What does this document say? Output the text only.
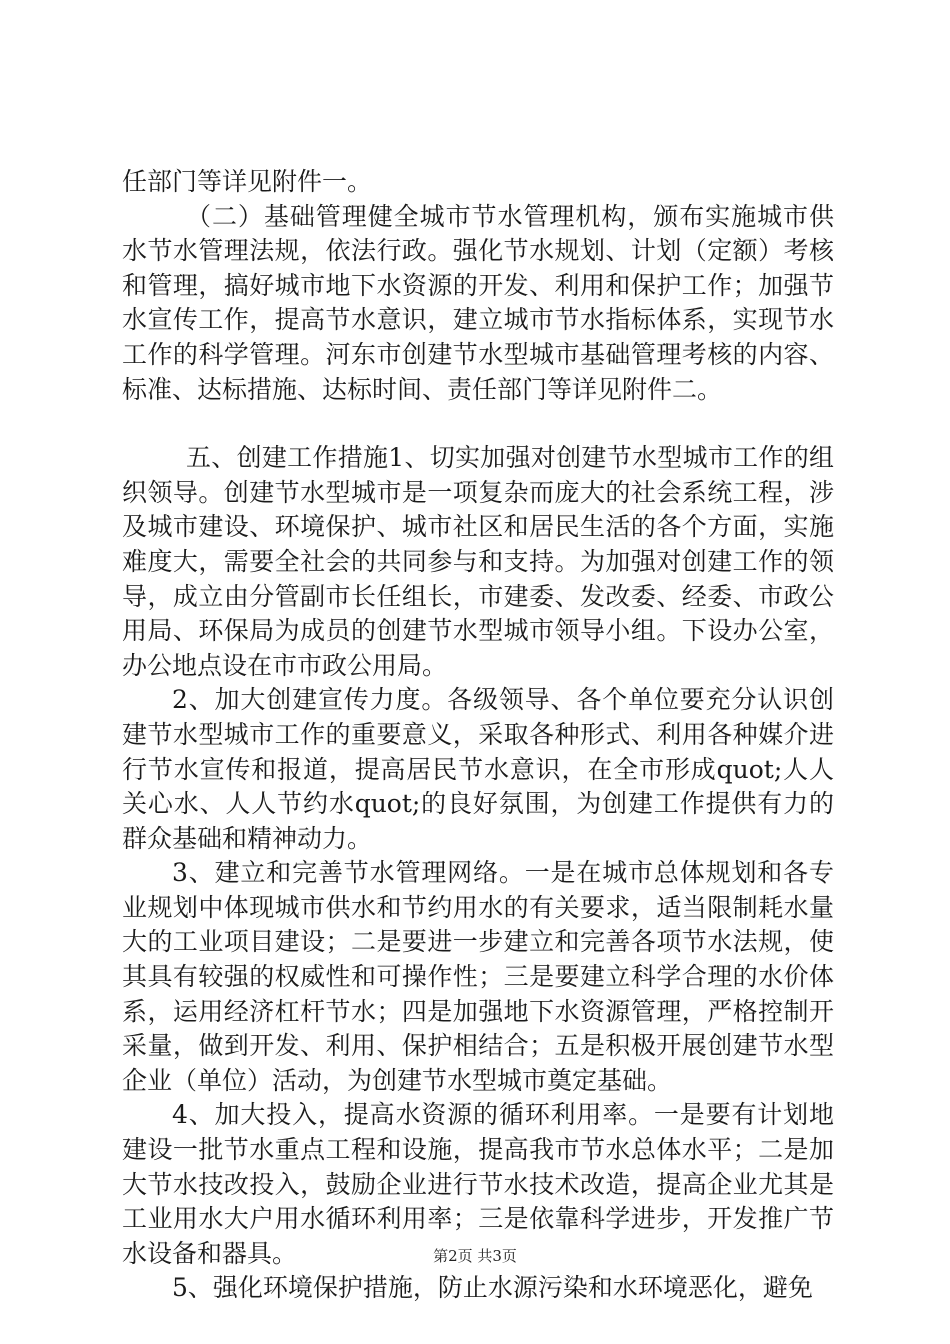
任部门等详见附件一。

（二）基础管理健全城市节水管理机构，颁布实施城市供水节水管理法规，依法行政。强化节水规划、计划（定额）考核和管理，搞好城市地下水资源的开发、利用和保护工作；加强节水宣传工作，提高节水意识，建立城市节水指标体系，实现节水工作的科学管理。河东市创建节水型城市基础管理考核的内容、标准、达标措施、达标时间、责任部门等详见附件二。

五、创建工作措施1、切实加强对创建节水型城市工作的组织领导。创建节水型城市是一项复杂而庞大的社会系统工程，涉及城市建设、环境保护、城市社区和居民生活的各个方面，实施难度大，需要全社会的共同参与和支持。为加强对创建工作的领导，成立由分管副市长任组长，市建委、发改委、经委、市政公用局、环保局为成员的创建节水型城市领导小组。下设办公室，办公地点设在市市政公用局。

2、加大创建宣传力度。各级领导、各个单位要充分认识创建节水型城市工作的重要意义，采取各种形式、利用各种媒介进行节水宣传和报道，提高居民节水意识，在全市形成quot;人人关心水、人人节约水quot;的良好氛围，为创建工作提供有力的群众基础和精神动力。

3、建立和完善节水管理网络。一是在城市总体规划和各专业规划中体现城市供水和节约用水的有关要求，适当限制耗水量大的工业项目建设；二是要进一步建立和完善各项节水法规，使其具有较强的权威性和可操作性；三是要建立科学合理的水价体系，运用经济杠杆节水；四是加强地下水资源管理，严格控制开采量，做到开发、利用、保护相结合；五是积极开展创建节水型企业（单位）活动，为创建节水型城市奠定基础。

4、加大投入，提高水资源的循环利用率。一是要有计划地建设一批节水重点工程和设施，提高我市节水总体水平；二是加大节水技改投入，鼓励企业进行节水技术改造，提高企业尤其是工业用水大户用水循环利用率；三是依靠科学进步，开发推广节水设备和器具。

5、强化环境保护措施，防止水源污染和水环境恶化，避免

第2页 共3页
